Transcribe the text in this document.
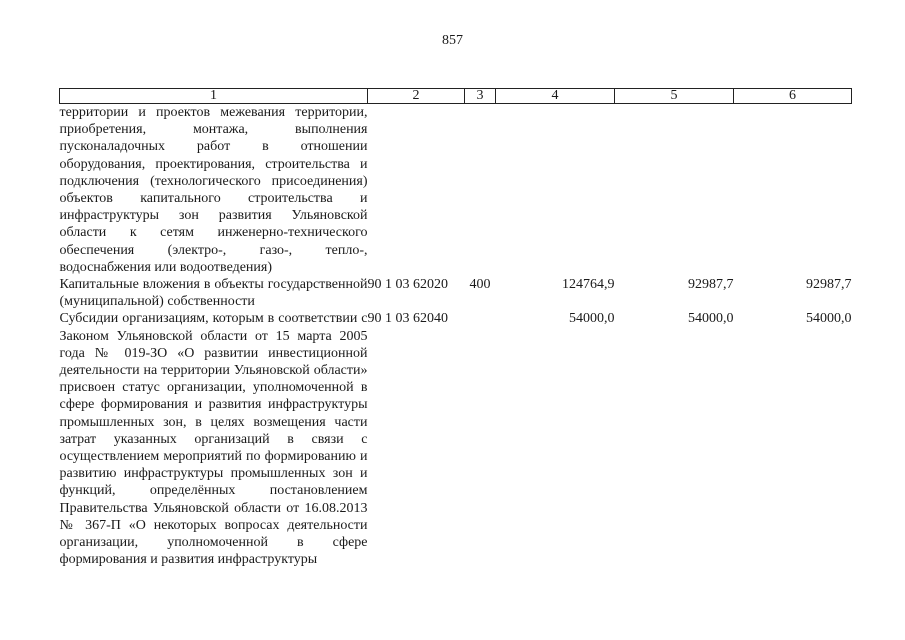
857
1	2	3	4	5	6
территории и проектов межевания территории, приобретения, монтажа, выполнения пусконаладочных работ в отношении оборудования, проектирования, строительства и подключения (технологического присоединения) объектов капитального строительства и инфраструктуры зон развития Ульяновской области к сетям инженерно-технического обеспечения (электро-, газо-, тепло-, водоснабжения или водоотведения)					
Капитальные вложения в объекты государственной (муниципальной) собственности	90 1 03 62020	400	124764,9	92987,7	92987,7
Субсидии организациям, которым в соответствии с Законом Ульяновской области от 15 марта 2005 года № 019-ЗО «О развитии инвестиционной деятельности на территории Ульяновской области» присвоен статус организации, уполномоченной в сфере формирования и развития инфраструктуры промышленных зон, в целях возмещения части затрат указанных организаций в связи с осуществлением мероприятий по формированию и развитию инфраструктуры промышленных зон и функций, определённых постановлением Правительства Ульяновской области от 16.08.2013 № 367-П «О некоторых вопросах деятельности организации, уполномоченной в сфере формирования и развития инфраструктуры	90 1 03 62040		54000,0	54000,0	54000,0
